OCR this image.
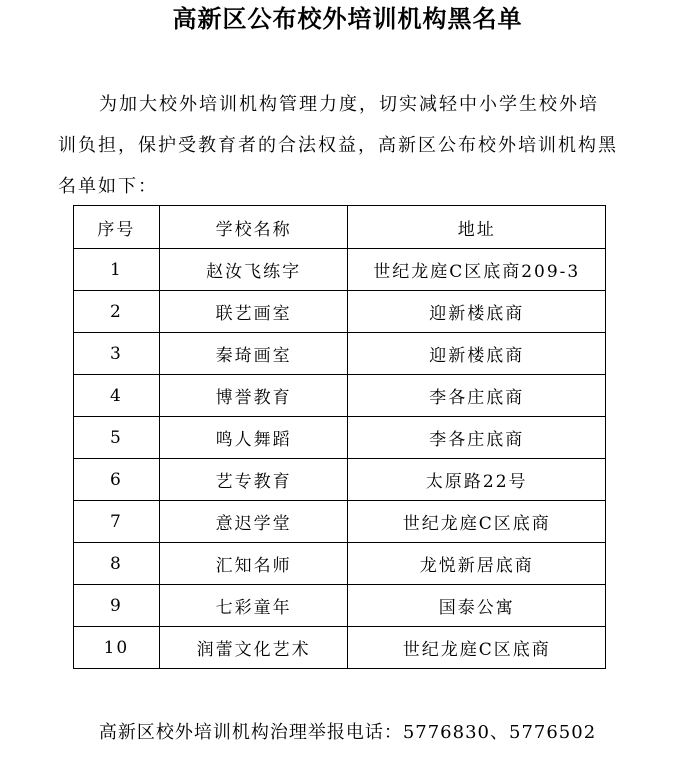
高新区公布校外培训机构黑名单

为加大校外培训机构管理力度，切实减轻中小学生校外培训负担，保护受教育者的合法权益，高新区公布校外培训机构黑名单如下：

序号	学校名称	地址
1	赵汝飞练字	世纪龙庭C区底商209-3
2	联艺画室	迎新楼底商
3	秦琦画室	迎新楼底商
4	博誉教育	李各庄底商
5	鸣人舞蹈	李各庄底商
6	艺专教育	太原路22号
7	意迟学堂	世纪龙庭C区底商
8	汇知名师	龙悦新居底商
9	七彩童年	国泰公寓
10	润蕾文化艺术	世纪龙庭C区底商
高新区校外培训机构治理举报电话：5776830、5776502
